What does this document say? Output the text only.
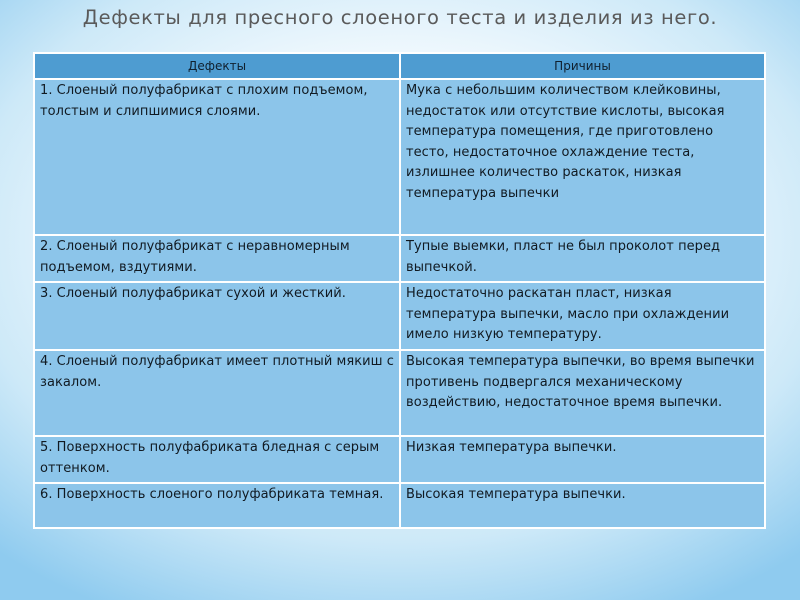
Дефекты для пресного слоеного теста и изделия из него.
Дефекты	Причины
1. Слоеный полуфабрикат с плохим подъемом, толстым и слипшимися слоями.	Мука с небольшим количеством клейковины, недостаток или отсутствие кислоты, высокая температура помещения, где приготовлено тесто, недостаточное охлаждение теста, излишнее количество раскаток, низкая температура выпечки
2. Слоеный полуфабрикат с неравномерным подъемом, вздутиями.	Тупые выемки, пласт не был проколот перед выпечкой.
3. Слоеный полуфабрикат сухой и жесткий.	Недостаточно раскатан пласт, низкая температура выпечки, масло при охлаждении имело низкую температуру.
4. Слоеный полуфабрикат имеет плотный мякиш с закалом.	Высокая температура выпечки, во время выпечки противень подвергался механическому воздействию, недостаточное время выпечки.
5. Поверхность полуфабриката бледная с серым оттенком.	Низкая температура выпечки.
6. Поверхность слоеного полуфабриката темная.	Высокая температура выпечки.
